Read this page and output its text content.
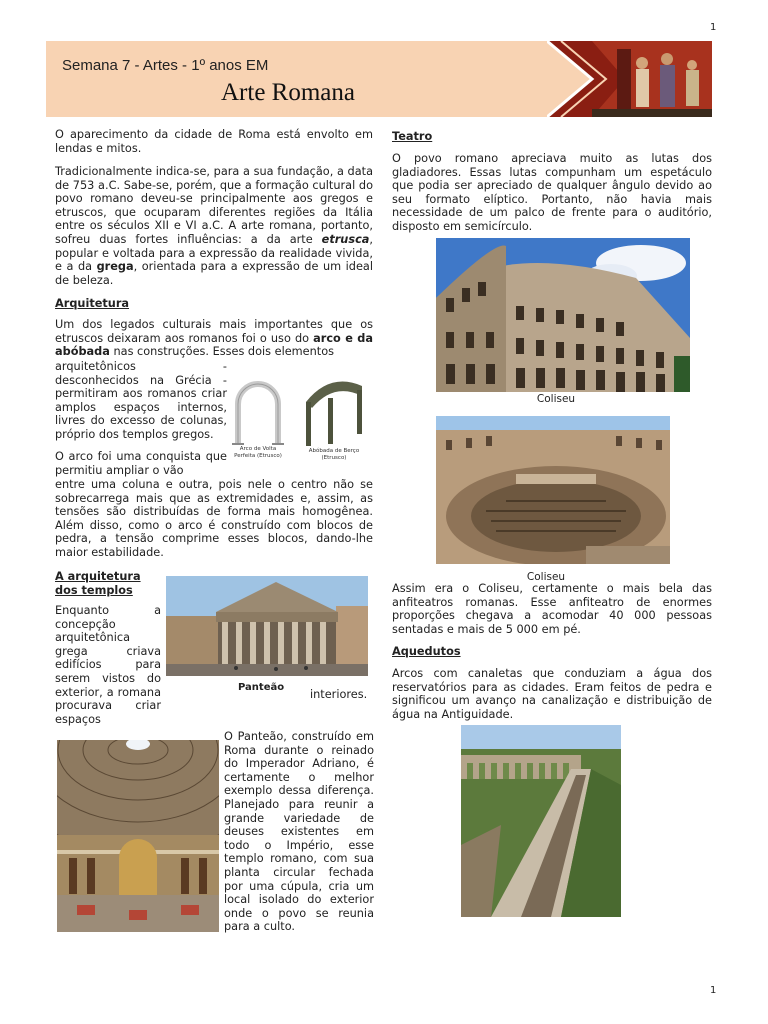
1
1
Semana 7 - Artes - 1º anos EM
Arte Romana
O aparecimento da cidade de Roma está envolto em lendas e mitos.
Tradicionalmente indica-se, para a sua fundação, a data de 753 a.C. Sabe-se, porém, que a formação cultural do povo romano deveu-se principalmente aos gregos e etruscos, que ocuparam diferentes regiões da Itália entre os séculos XII e VI a.C. A arte romana, portanto, sofreu duas fortes influências: a da arte etrusca, popular e voltada para a expressão da realidade vivida, e a da grega, orientada para a expressão de um ideal de beleza.
Arquitetura
Um dos legados culturais mais importantes que os etruscos deixaram aos romanos foi o uso do arco e da abóbada nas construções. Esses dois elementos
arquitetônicos - desconhecidos na Grécia - permitiram aos romanos criar amplos espaços internos, livres do excesso de colunas, próprio dos templos gregos.
Arco de Volta Perfeita (Etrusco)
Abóbada de Berço (Etrusco)
O arco foi uma conquista que permitiu ampliar o vão
entre uma coluna e outra, pois nele o centro não se sobrecarrega mais que as extremidades e, assim, as tensões são distribuídas de forma mais homogênea. Além disso, como o arco é construído com blocos de pedra, a tensão comprime esses blocos, dando-lhe maior estabilidade.
A arquitetura dos templos
Enquanto a concepção arquitetônica grega criava edifícios para serem vistos do exterior, a romana procurava criar espaços
interiores.
Panteão
O Panteão, construído em Roma durante o reinado do Imperador Adriano, é certamente o melhor exemplo dessa diferença. Planejado para reunir a grande variedade de deuses existentes em todo o Império, esse templo romano, com sua planta circular fechada por uma cúpula, cria um local isolado do exterior onde o povo se reunia para a culto.
Teatro
O povo romano apreciava muito as lutas dos gladiadores. Essas lutas compunham um espetáculo que podia ser apreciado de qualquer ângulo devido ao seu formato elíptico. Portanto, não havia mais necessidade de um palco de frente para o auditório, disposto em semicírculo.
Coliseu
Coliseu
Assim era o Coliseu, certamente o mais bela das anfiteatros romanas. Esse anfiteatro de enormes proporções chegava a acomodar 40 000 pessoas sentadas e mais de 5 000 em pé.
Aquedutos
Arcos com canaletas que conduziam a água dos reservatórios para as cidades. Eram feitos de pedra e significou um avanço na canalização e distribuição de água na Antiguidade.
